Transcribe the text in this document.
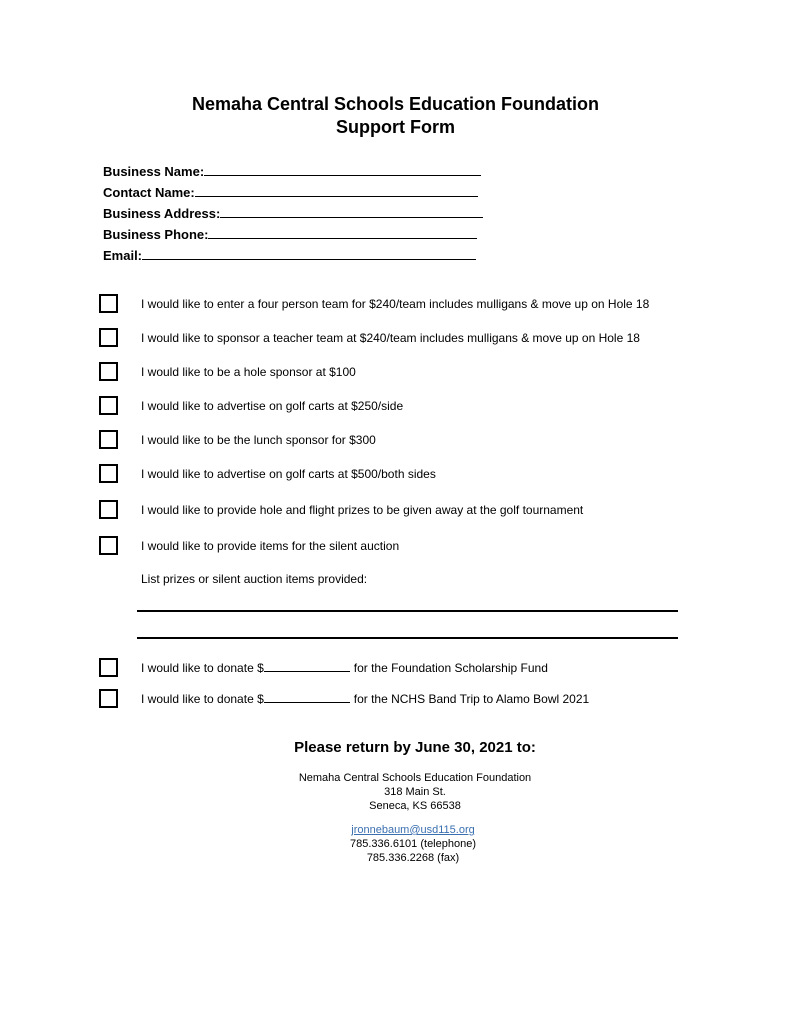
Nemaha Central Schools Education Foundation
Support Form
Business Name:
Contact Name:
Business Address:
Business Phone:
Email:
I would like to enter a four person team for $240/team includes mulligans & move up on Hole 18
I would like to sponsor a teacher team at $240/team includes mulligans & move up on Hole 18
I would like to be a hole sponsor at $100
I would like to advertise on golf carts at $250/side
I would like to be the lunch sponsor for $300
I would like to advertise on golf carts at $500/both sides
I would like to provide hole and flight prizes to be given away at the golf tournament
I would like to provide items for the silent auction
List prizes or silent auction items provided:
I would like to donate $	for the Foundation Scholarship Fund
I would like to donate $	for the NCHS Band Trip to Alamo Bowl 2021
Please return by June 30, 2021 to:
Nemaha Central Schools Education Foundation
318 Main St.
Seneca, KS 66538
jronnebaum@usd115.org
785.336.6101 (telephone)
785.336.2268 (fax)
